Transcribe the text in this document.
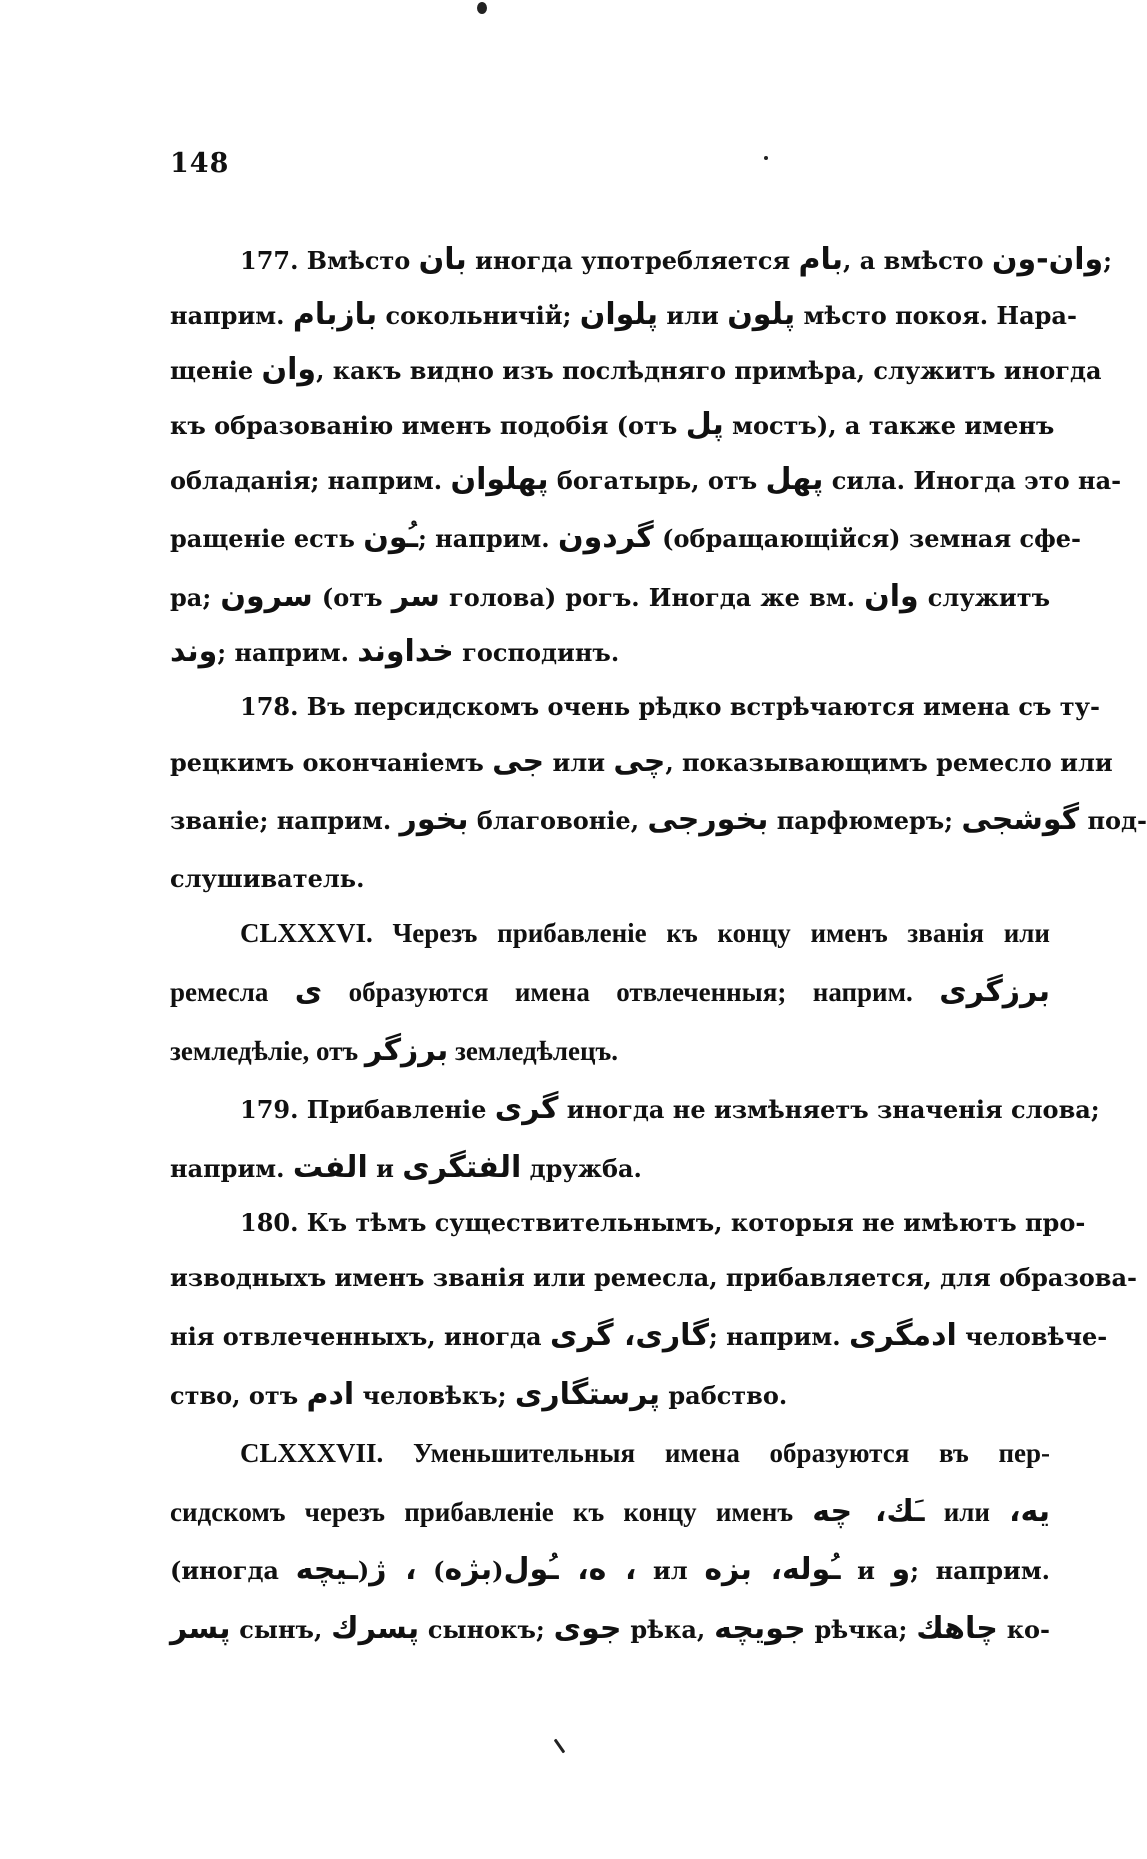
148
177. Вмѣсто بان иногда употребляется بام, а вмѣсто وان-ون;
наприм. بازبام сокольничій; پلوان или پلون мѣсто покоя. Нара-
щеніе وان, какъ видно изъ послѣдняго примѣра, служитъ иногда
къ образованію именъ подобія (отъ پل мостъ), а также именъ
обладанія; наприм. پهلوان богатырь, отъ پهل сила. Иногда это на-
ращеніе есть ـُون; наприм. گردون (обращающійся) земная сфе-
ра; سرون (отъ سر голова) рогъ. Иногда же вм. وان служитъ
وند; наприм. خداوند господинъ.
178. Въ персидскомъ очень рѣдко встрѣчаются имена съ ту-
рецкимъ окончаніемъ جی или چی, показывающимъ ремесло или
званіе; наприм. بخور благовоніе, بخورجی парфюмеръ; گوشجی под-
слушиватель.
CLXXXVI. Черезъ прибавленіе къ концу именъ званія или
ремесла ی образуются имена отвлеченныя; наприм. برزگری
земледѣліе, отъ برزگر земледѣлецъ.
179. Прибавленіе گری иногда не измѣняетъ значенія слова;
наприм. الفت и الفتگری дружба.
180. Къ тѣмъ существительнымъ, которыя не имѣютъ про-
изводныхъ именъ званія или ремесла, прибавляется, для образова-
нія отвлеченныхъ, иногда گاری، گری; наприм. ادمگری человѣче-
ство, отъ ادم человѣкъ; پرستگاری рабство.
CLXXXVII. Уменьшительныя имена образуются въ пер-
сидскомъ черезъ прибавленіе къ концу именъ ـَك، چه или یه،
(иногда ـيچه)، ژ (بژه)، ه، ـُول ил ـُوله، بزه и و; наприм.
پسر сынъ, پسرك сынокъ; جوی рѣка, جویچه рѣчка; چاهك ко-
